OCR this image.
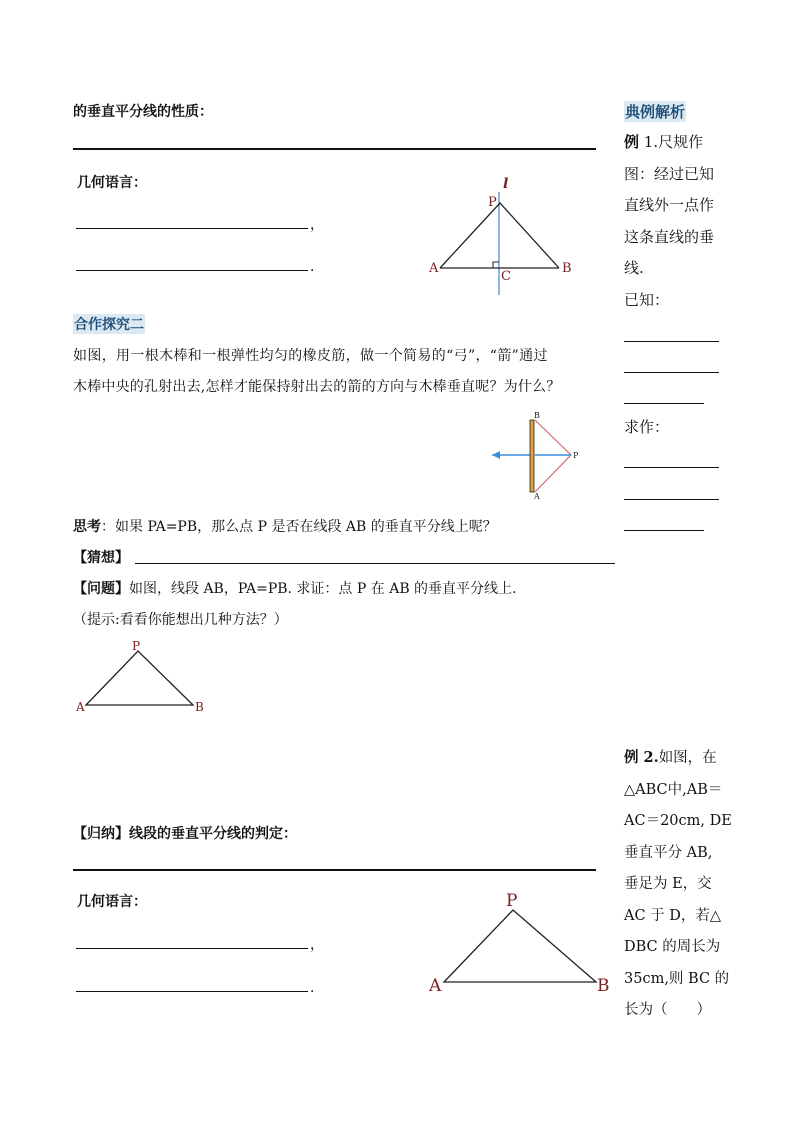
的垂直平分线的性质：
几何语言：
，
．
l
P
A	B
C
合作探究二
如图，用一根木棒和一根弹性均匀的橡皮筋，做一个简易的“弓”，“箭”通过
木棒中央的孔射出去,怎样才能保持射出去的箭的方向与木棒垂直呢？为什么？
B
P
A
思考：如果 PA=PB，那么点 P 是否在线段 AB 的垂直平分线上呢？
【猜想】
【问题】如图，线段 AB，PA=PB. 求证：点 P 在 AB 的垂直平分线上.
（提示:看看你能想出几种方法？）
P
A	B
【归纳】线段的垂直平分线的判定：
几何语言：
，
．
P
A	B
典例解析
例 1.尺规作
图：经过已知
直线外一点作
这条直线的垂
线.
已知：
求作：
例 2.如图，在
△ABC中,AB＝
AC＝20cm, DE
垂直平分 AB,
垂足为 E，交
AC 于 D，若△
DBC 的周长为
35cm,则 BC 的
长为（　　）
